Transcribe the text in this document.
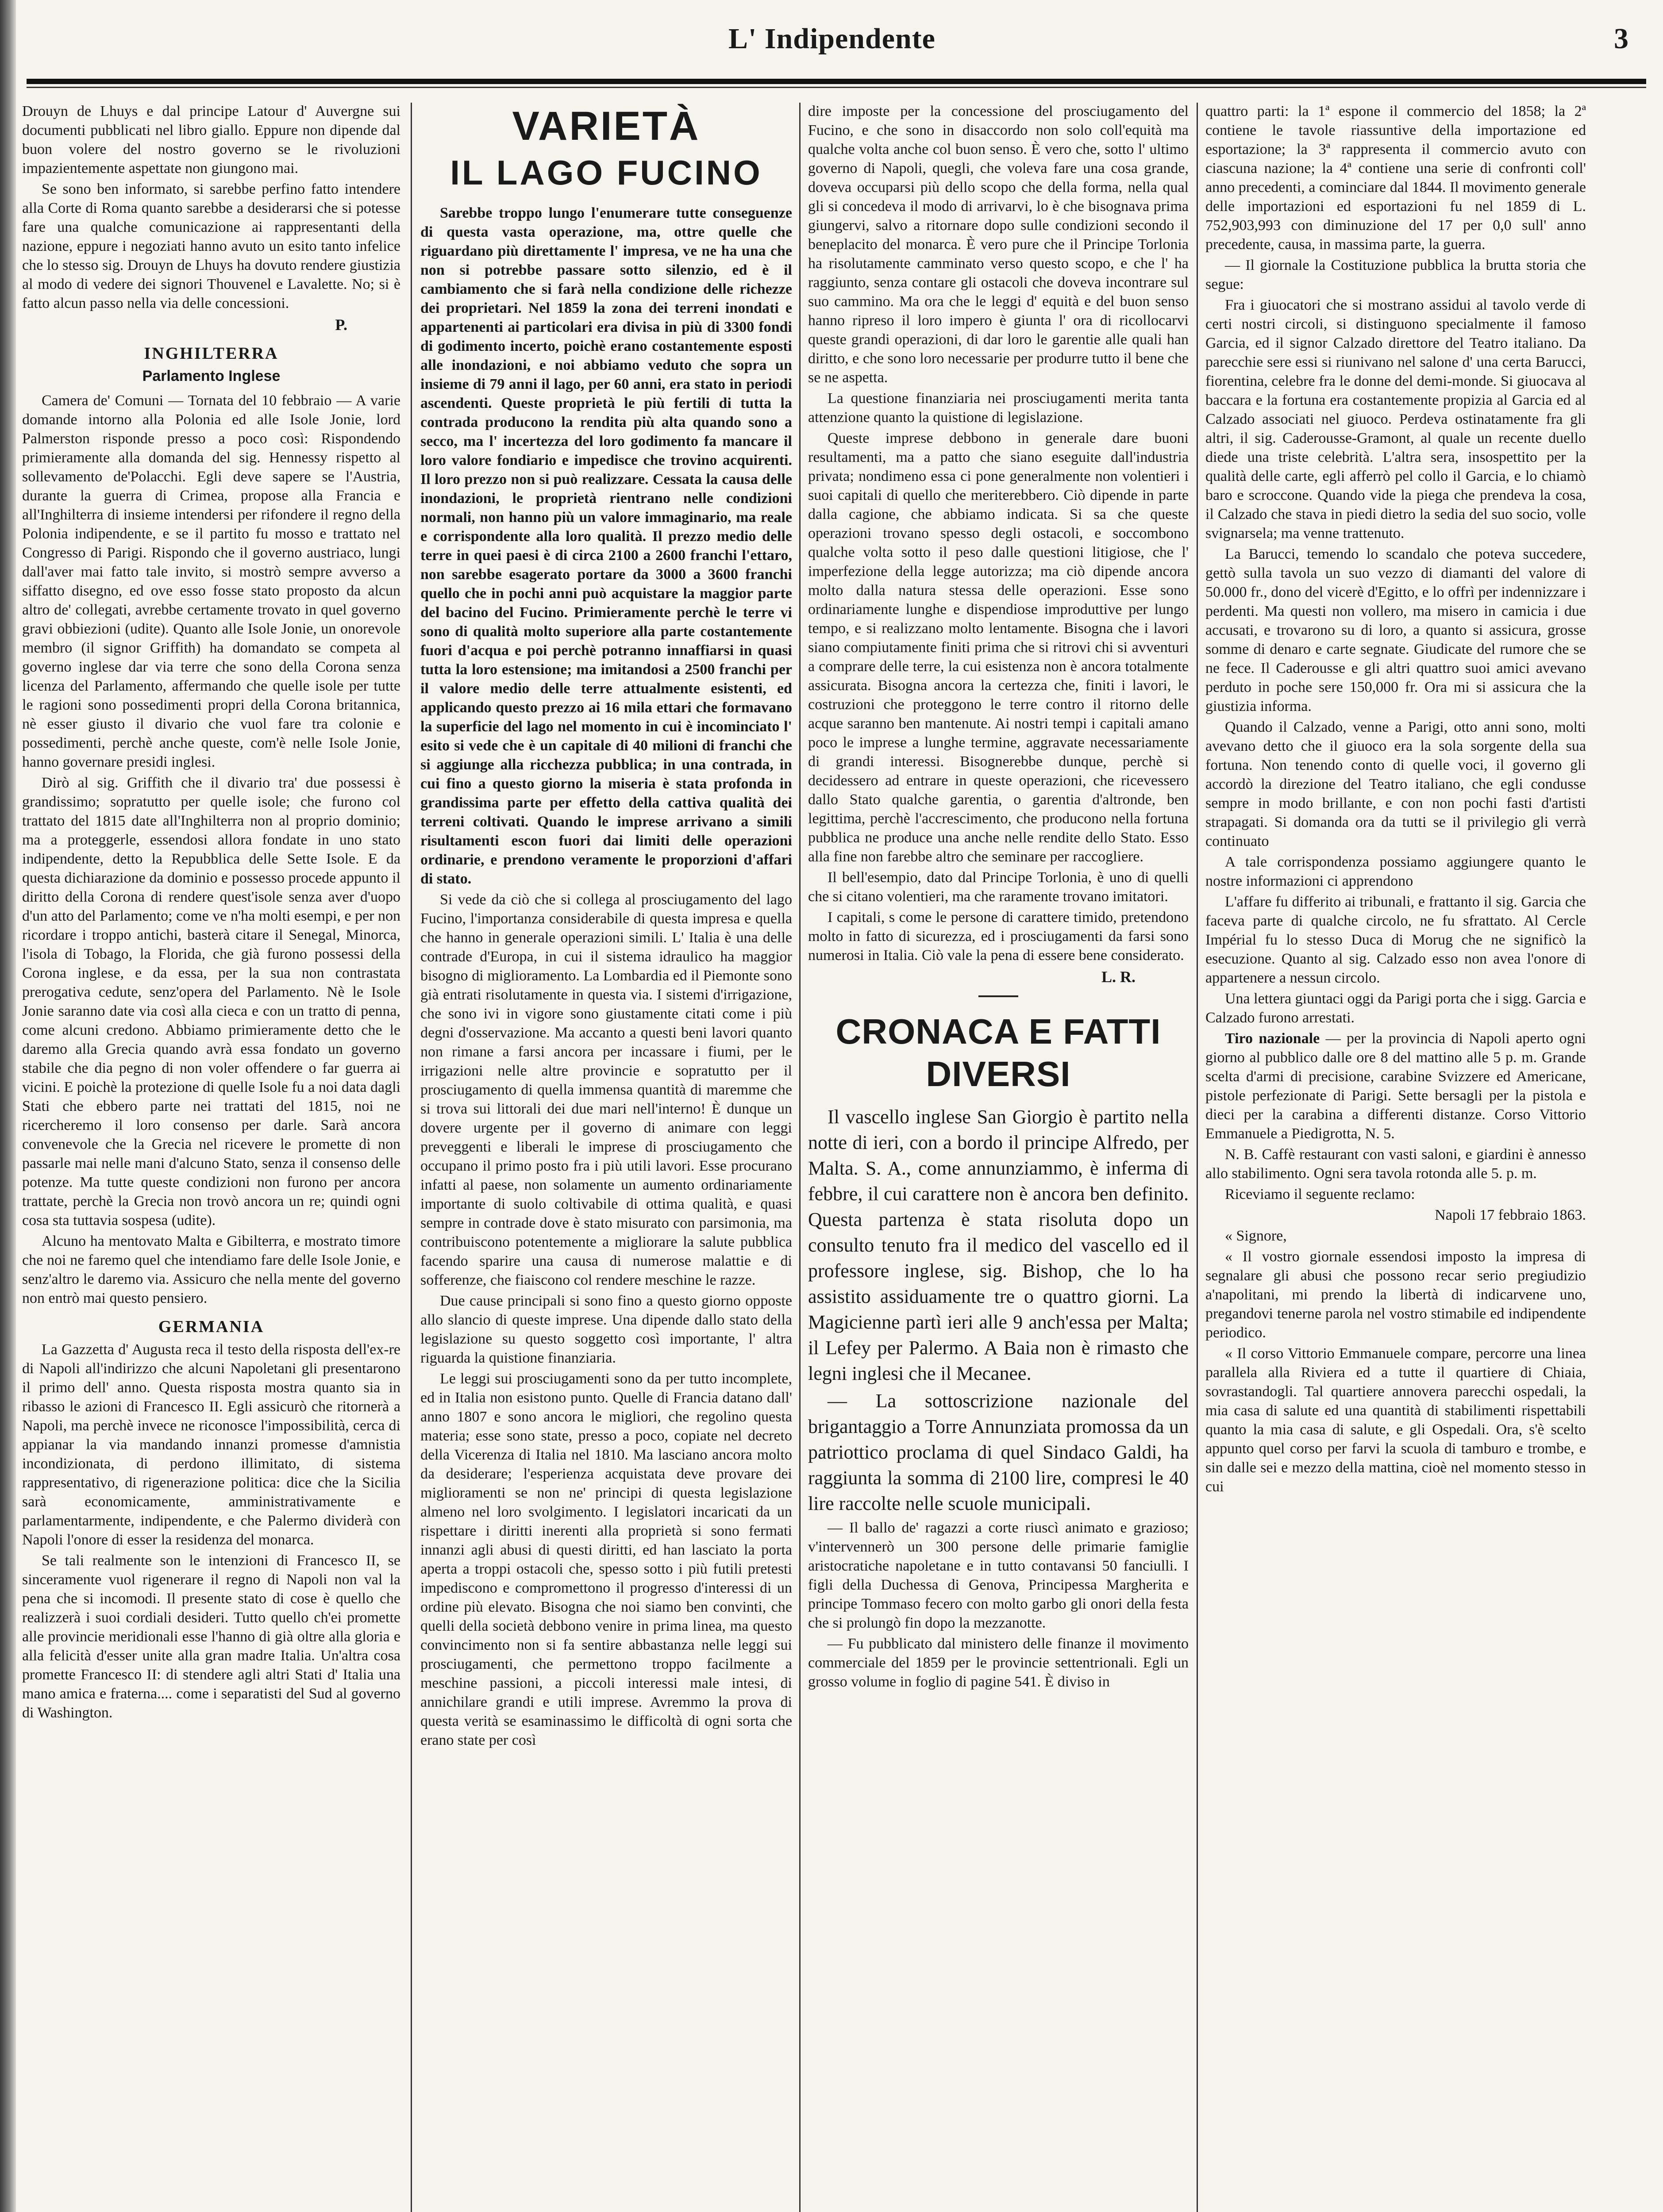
L' Indipendente	3

Drouyn de Lhuys e dal principe Latour d' Auvergne sui documenti pubblicati nel libro giallo. Eppure non dipende dal buon volere del nostro governo se le rivoluzioni impazientemente aspettate non giungono mai.

Se sono ben informato, si sarebbe perfino fatto intendere alla Corte di Roma quanto sarebbe a desiderarsi che si potesse fare una qualche comunicazione ai rappresentanti della nazione, eppure i negoziati hanno avuto un esito tanto infelice che lo stesso sig. Drouyn de Lhuys ha dovuto rendere giustizia al modo di vedere dei signori Thouvenel e Lavalette. No; si è fatto alcun passo nella via delle concessioni.

P.
INGHILTERRA
Parlamento Inglese

Camera de' Comuni — Tornata del 10 febbraio — A varie domande intorno alla Polonia ed alle Isole Jonie, lord Palmerston risponde presso a poco così: Rispondendo primieramente alla domanda del sig. Hennessy rispetto al sollevamento de'Polacchi. Egli deve sapere se l'Austria, durante la guerra di Crimea, propose alla Francia e all'Inghilterra di insieme intendersi per rifondere il regno della Polonia indipendente, e se il partito fu mosso e trattato nel Congresso di Parigi. Rispondo che il governo austriaco, lungi dall'aver mai fatto tale invito, si mostrò sempre avverso a siffatto disegno, ed ove esso fosse stato proposto da alcun altro de' collegati, avrebbe certamente trovato in quel governo gravi obbiezioni (udite). Quanto alle Isole Jonie, un onorevole membro (il signor Griffith) ha domandato se competa al governo inglese dar via terre che sono della Corona senza licenza del Parlamento, affermando che quelle isole per tutte le ragioni sono possedimenti propri della Corona britannica, nè esser giusto il divario che vuol fare tra colonie e possedimenti, perchè anche queste, com'è nelle Isole Jonie, hanno governare presidi inglesi.

Dirò al sig. Griffith che il divario tra' due possessi è grandissimo; sopratutto per quelle isole; che furono col trattato del 1815 date all'Inghilterra non al proprio dominio; ma a proteggerle, essendosi allora fondate in uno stato indipendente, detto la Repubblica delle Sette Isole. E da questa dichiarazione da dominio e possesso procede appunto il diritto della Corona di rendere quest'isole senza aver d'uopo d'un atto del Parlamento; come ve n'ha molti esempi, e per non ricordare i troppo antichi, basterà citare il Senegal, Minorca, l'isola di Tobago, la Florida, che già furono possessi della Corona inglese, e da essa, per la sua non contrastata prerogativa cedute, senz'opera del Parlamento. Nè le Isole Jonie saranno date via così alla cieca e con un tratto di penna, come alcuni credono. Abbiamo primieramente detto che le daremo alla Grecia quando avrà essa fondato un governo stabile che dia pegno di non voler offendere o far guerra ai vicini. E poichè la protezione di quelle Isole fu a noi data dagli Stati che ebbero parte nei trattati del 1815, noi ne ricercheremo il loro consenso per darle. Sarà ancora convenevole che la Grecia nel ricevere le promette di non passarle mai nelle mani d'alcuno Stato, senza il consenso delle potenze. Ma tutte queste condizioni non furono per ancora trattate, perchè la Grecia non trovò ancora un re; quindi ogni cosa sta tuttavia sospesa (udite).

Alcuno ha mentovato Malta e Gibilterra, e mostrato timore che noi ne faremo quel che intendiamo fare delle Isole Jonie, e senz'altro le daremo via. Assicuro che nella mente del governo non entrò mai questo pensiero.

GERMANIA

La Gazzetta d' Augusta reca il testo della risposta dell'ex-re di Napoli all'indirizzo che alcuni Napoletani gli presentarono il primo dell' anno. Questa risposta mostra quanto sia in ribasso le azioni di Francesco II. Egli assicurò che ritornerà a Napoli, ma perchè invece ne riconosce l'impossibilità, cerca di appianar la via mandando innanzi promesse d'amnistia incondizionata, di perdono illimitato, di sistema rappresentativo, di rigenerazione politica: dice che la Sicilia sarà economicamente, amministrativamente e parlamentarmente, indipendente, e che Palermo dividerà con Napoli l'onore di esser la residenza del monarca.

Se tali realmente son le intenzioni di Francesco II, se sinceramente vuol rigenerare il regno di Napoli non val la pena che si incomodi. Il presente stato di cose è quello che realizzerà i suoi cordiali desideri. Tutto quello ch'ei promette alle provincie meridionali esse l'hanno di già oltre alla gloria e alla felicità d'esser unite alla gran madre Italia. Un'altra cosa promette Francesco II: di stendere agli altri Stati d' Italia una mano amica e fraterna.... come i separatisti del Sud al governo di Washington.

VARIETÀ
IL LAGO FUCINO

Sarebbe troppo lungo l'enumerare tutte conseguenze di questa vasta operazione, ma, ottre quelle che riguardano più direttamente l' impresa, ve ne ha una che non si potrebbe passare sotto silenzio, ed è il cambiamento che si farà nella condizione delle richezze dei proprietari. Nel 1859 la zona dei terreni inondati e appartenenti ai particolari era divisa in più di 3300 fondi di godimento incerto, poichè erano costantemente esposti alle inondazioni, e noi abbiamo veduto che sopra un insieme di 79 anni il lago, per 60 anni, era stato in periodi ascendenti. Queste proprietà le più fertili di tutta la contrada producono la rendita più alta quando sono a secco, ma l' incertezza del loro godimento fa mancare il loro valore fondiario e impedisce che trovino acquirenti. Il loro prezzo non si può realizzare. Cessata la causa delle inondazioni, le proprietà rientrano nelle condizioni normali, non hanno più un valore immaginario, ma reale e corrispondente alla loro qualità. Il prezzo medio delle terre in quei paesi è di circa 2100 a 2600 franchi l'ettaro, non sarebbe esagerato portare da 3000 a 3600 franchi quello che in pochi anni può acquistare la maggior parte del bacino del Fucino. Primieramente perchè le terre vi sono di qualità molto superiore alla parte costantemente fuori d'acqua e poi perchè potranno innaffiarsi in quasi tutta la loro estensione; ma imitandosi a 2500 franchi per il valore medio delle terre attualmente esistenti, ed applicando questo prezzo ai 16 mila ettari che formavano la superficie del lago nel momento in cui è incominciato l' esito si vede che è un capitale di 40 milioni di franchi che si aggiunge alla ricchezza pubblica; in una contrada, in cui fino a questo giorno la miseria è stata profonda in grandissima parte per effetto della cattiva qualità dei terreni coltivati. Quando le imprese arrivano a simili risultamenti escon fuori dai limiti delle operazioni ordinarie, e prendono veramente le proporzioni d'affari di stato.

Si vede da ciò che si collega al prosciugamento del lago Fucino, l'importanza considerabile di questa impresa e quella che hanno in generale operazioni simili. L' Italia è una delle contrade d'Europa, in cui il sistema idraulico ha maggior bisogno di miglioramento. La Lombardia ed il Piemonte sono già entrati risolutamente in questa via. I sistemi d'irrigazione, che sono ivi in vigore sono giustamente citati come i più degni d'osservazione. Ma accanto a questi beni lavori quanto non rimane a farsi ancora per incassare i fiumi, per le irrigazioni nelle altre provincie e sopratutto per il prosciugamento di quella immensa quantità di maremme che si trova sui littorali dei due mari nell'interno! È dunque un dovere urgente per il governo di animare con leggi preveggenti e liberali le imprese di prosciugamento che occupano il primo posto fra i più utili lavori. Esse procurano infatti al paese, non solamente un aumento ordinariamente importante di suolo coltivabile di ottima qualità, e quasi sempre in contrade dove è stato misurato con parsimonia, ma contribuiscono potentemente a migliorare la salute pubblica facendo sparire una causa di numerose malattie e di sofferenze, che fiaiscono col rendere meschine le razze.

Due cause principali si sono fino a questo giorno opposte allo slancio di queste imprese. Una dipende dallo stato della legislazione su questo soggetto così importante, l' altra riguarda la quistione finanziaria.

Le leggi sui prosciugamenti sono da per tutto incomplete, ed in Italia non esistono punto. Quelle di Francia datano dall' anno 1807 e sono ancora le migliori, che regolino questa materia; esse sono state, presso a poco, copiate nel decreto della Vicerenza di Italia nel 1810. Ma lasciano ancora molto da desiderare; l'esperienza acquistata deve provare dei miglioramenti se non ne' principi di questa legislazione almeno nel loro svolgimento. I legislatori incaricati da un rispettare i diritti inerenti alla proprietà si sono fermati innanzi agli abusi di questi diritti, ed han lasciato la porta aperta a troppi ostacoli che, spesso sotto i più futili pretesti impediscono e compromettono il progresso d'interessi di un ordine più elevato. Bisogna che noi siamo ben convinti, che quelli della società debbono venire in prima linea, ma questo convincimento non si fa sentire abbastanza nelle leggi sui prosciugamenti, che permettono troppo facilmente a meschine passioni, a piccoli interessi male intesi, di annichilare grandi e utili imprese. Avremmo la prova di questa verità se esaminassimo le difficoltà di ogni sorta che erano state per così

dire imposte per la concessione del prosciugamento del Fucino, e che sono in disaccordo non solo coll'equità ma qualche volta anche col buon senso. È vero che, sotto l' ultimo governo di Napoli, quegli, che voleva fare una cosa grande, doveva occuparsi più dello scopo che della forma, nella qual gli si concedeva il modo di arrivarvi, lo è che bisognava prima giungervi, salvo a ritornare dopo sulle condizioni secondo il beneplacito del monarca. È vero pure che il Principe Torlonia ha risolutamente camminato verso questo scopo, e che l' ha raggiunto, senza contare gli ostacoli che doveva incontrare sul suo cammino. Ma ora che le leggi d' equità e del buon senso hanno ripreso il loro impero è giunta l' ora di ricollocarvi queste grandi operazioni, di dar loro le garentie alle quali han diritto, e che sono loro necessarie per produrre tutto il bene che se ne aspetta.

La questione finanziaria nei prosciugamenti merita tanta attenzione quanto la quistione di legislazione.

Queste imprese debbono in generale dare buoni resultamenti, ma a patto che siano eseguite dall'industria privata; nondimeno essa ci pone generalmente non volentieri i suoi capitali di quello che meriterebbero. Ciò dipende in parte dalla cagione, che abbiamo indicata. Si sa che queste operazioni trovano spesso degli ostacoli, e soccombono qualche volta sotto il peso dalle questioni litigiose, che l' imperfezione della legge autorizza; ma ciò dipende ancora molto dalla natura stessa delle operazioni. Esse sono ordinariamente lunghe e dispendiose improduttive per lungo tempo, e si realizzano molto lentamente. Bisogna che i lavori siano compiutamente finiti prima che si ritrovi chi si avventuri a comprare delle terre, la cui esistenza non è ancora totalmente assicurata. Bisogna ancora la certezza che, finiti i lavori, le costruzioni che proteggono le terre contro il ritorno delle acque saranno ben mantenute. Ai nostri tempi i capitali amano poco le imprese a lunghe termine, aggravate necessariamente di grandi interessi. Bisognerebbe dunque, perchè si decidessero ad entrare in queste operazioni, che ricevessero dallo Stato qualche garentia, o garentia d'altronde, ben legittima, perchè l'accrescimento, che producono nella fortuna pubblica ne produce una anche nelle rendite dello Stato. Esso alla fine non farebbe altro che seminare per raccogliere.

Il bell'esempio, dato dal Principe Torlonia, è uno di quelli che si citano volentieri, ma che raramente trovano imitatori.

I capitali, s come le persone di carattere timido, pretendono molto in fatto di sicurezza, ed i prosciugamenti da farsi sono numerosi in Italia. Ciò vale la pena di essere bene considerato.

L. R.
CRONACA E FATTI DIVERSI

Il vascello inglese San Giorgio è partito nella notte di ieri, con a bordo il principe Alfredo, per Malta. S. A., come annunziammo, è inferma di febbre, il cui carattere non è ancora ben definito. Questa partenza è stata risoluta dopo un consulto tenuto fra il medico del vascello ed il professore inglese, sig. Bishop, che lo ha assistito assiduamente tre o quattro giorni. La Magicienne partì ieri alle 9 anch'essa per Malta; il Lefey per Palermo. A Baia non è rimasto che legni inglesi che il Mecanee.

— La sottoscrizione nazionale del brigantaggio a Torre Annunziata promossa da un patriottico proclama di quel Sindaco Galdi, ha raggiunta la somma di 2100 lire, compresi le 40 lire raccolte nelle scuole municipali.

— Il ballo de' ragazzi a corte riuscì animato e grazioso; v'intervennerò un 300 persone delle primarie famiglie aristocratiche napoletane e in tutto contavansi 50 fanciulli. I figli della Duchessa di Genova, Principessa Margherita e principe Tommaso fecero con molto garbo gli onori della festa che si prolungò fin dopo la mezzanotte.

— Fu pubblicato dal ministero delle finanze il movimento commerciale del 1859 per le provincie settentrionali. Egli un grosso volume in foglio di pagine 541. È diviso in

quattro parti: la 1ª espone il commercio del 1858; la 2ª contiene le tavole riassuntive della importazione ed esportazione; la 3ª rappresenta il commercio avuto con ciascuna nazione; la 4ª contiene una serie di confronti coll' anno precedenti, a cominciare dal 1844. Il movimento generale delle importazioni ed esportazioni fu nel 1859 di L. 752,903,993 con diminuzione del 17 per 0,0 sull' anno precedente, causa, in massima parte, la guerra.

— Il giornale la Costituzione pubblica la brutta storia che segue:

Fra i giuocatori che si mostrano assidui al tavolo verde di certi nostri circoli, si distinguono specialmente il famoso Garcia, ed il signor Calzado direttore del Teatro italiano. Da parecchie sere essi si riunivano nel salone d' una certa Barucci, fiorentina, celebre fra le donne del demi-monde. Si giuocava al baccara e la fortuna era costantemente propizia al Garcia ed al Calzado associati nel giuoco. Perdeva ostinatamente fra gli altri, il sig. Caderousse-Gramont, al quale un recente duello diede una triste celebrità. L'altra sera, insospettito per la qualità delle carte, egli afferrò pel collo il Garcia, e lo chiamò baro e scroccone. Quando vide la piega che prendeva la cosa, il Calzado che stava in piedi dietro la sedia del suo socio, volle svignarsela; ma venne trattenuto.

La Barucci, temendo lo scandalo che poteva succedere, gettò sulla tavola un suo vezzo di diamanti del valore di 50.000 fr., dono del vicerè d'Egitto, e lo offrì per indennizzare i perdenti. Ma questi non vollero, ma misero in camicia i due accusati, e trovarono su di loro, a quanto si assicura, grosse somme di denaro e carte segnate. Giudicate del rumore che se ne fece. Il Caderousse e gli altri quattro suoi amici avevano perduto in poche sere 150,000 fr. Ora mi si assicura che la giustizia informa.

Quando il Calzado, venne a Parigi, otto anni sono, molti avevano detto che il giuoco era la sola sorgente della sua fortuna. Non tenendo conto di quelle voci, il governo gli accordò la direzione del Teatro italiano, che egli condusse sempre in modo brillante, e con non pochi fasti d'artisti strapagati. Si domanda ora da tutti se il privilegio gli verrà continuato

A tale corrispondenza possiamo aggiungere quanto le nostre informazioni ci apprendono

L'affare fu differito ai tribunali, e frattanto il sig. Garcia che faceva parte di qualche circolo, ne fu sfrattato. Al Cercle Impérial fu lo stesso Duca di Morug che ne significò la esecuzione. Quanto al sig. Calzado esso non avea l'onore di appartenere a nessun circolo.

Una lettera giuntaci oggi da Parigi porta che i sigg. Garcia e Calzado furono arrestati.

Tiro nazionale — per la provincia di Napoli aperto ogni giorno al pubblico dalle ore 8 del mattino alle 5 p. m. Grande scelta d'armi di precisione, carabine Svizzere ed Americane, pistole perfezionate di Parigi. Sette bersagli per la pistola e dieci per la carabina a differenti distanze. Corso Vittorio Emmanuele a Piedigrotta, N. 5.

N. B. Caffè restaurant con vasti saloni, e giardini è annesso allo stabilimento. Ogni sera tavola rotonda alle 5. p. m.

Riceviamo il seguente reclamo:

Napoli 17 febbraio 1863.

« Signore,

« Il vostro giornale essendosi imposto la impresa di segnalare gli abusi che possono recar serio pregiudizio a'napolitani, mi prendo la libertà di indicarvene uno, pregandovi tenerne parola nel vostro stimabile ed indipendente periodico.

« Il corso Vittorio Emmanuele compare, percorre una linea parallela alla Riviera ed a tutte il quartiere di Chiaia, sovrastandogli. Tal quartiere annovera parecchi ospedali, la mia casa di salute ed una quantità di stabilimenti rispettabili quanto la mia casa di salute, e gli Ospedali. Ora, s'è scelto appunto quel corso per farvi la scuola di tamburo e trombe, e sin dalle sei e mezzo della mattina, cioè nel momento stesso in cui
